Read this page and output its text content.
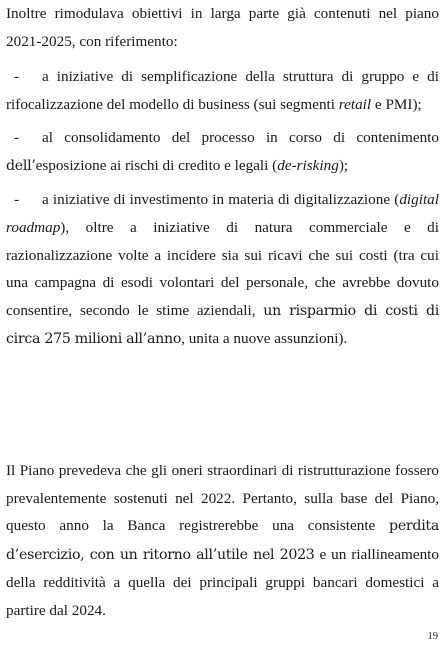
Inoltre rimodulava obiettivi in larga parte già contenuti nel piano 2021-2025, con riferimento:

-	a iniziative di semplificazione della struttura di gruppo e di rifocalizzazione del modello di business (sui segmenti retail e PMI);
-	al consolidamento del processo in corso di contenimento dell’esposizione ai rischi di credito e legali (de-risking);
-	a iniziative di investimento in materia di digitalizzazione (digital roadmap), oltre a iniziative di natura commerciale e di razionalizzazione volte a incidere sia sui ricavi che sui costi (tra cui una campagna di esodi volontari del personale, che avrebbe dovuto consentire, secondo le stime aziendali, un risparmio di costi di circa 275 milioni all’anno, unita a nuove assunzioni).

Il Piano prevedeva che gli oneri straordinari di ristrutturazione fossero prevalentemente sostenuti nel 2022. Pertanto, sulla base del Piano, questo anno la Banca registrerebbe una consistente perdita d’esercizio, con un ritorno all’utile nel 2023 e un riallineamento della redditività a quella dei principali gruppi bancari domestici a partire dal 2024.

19
